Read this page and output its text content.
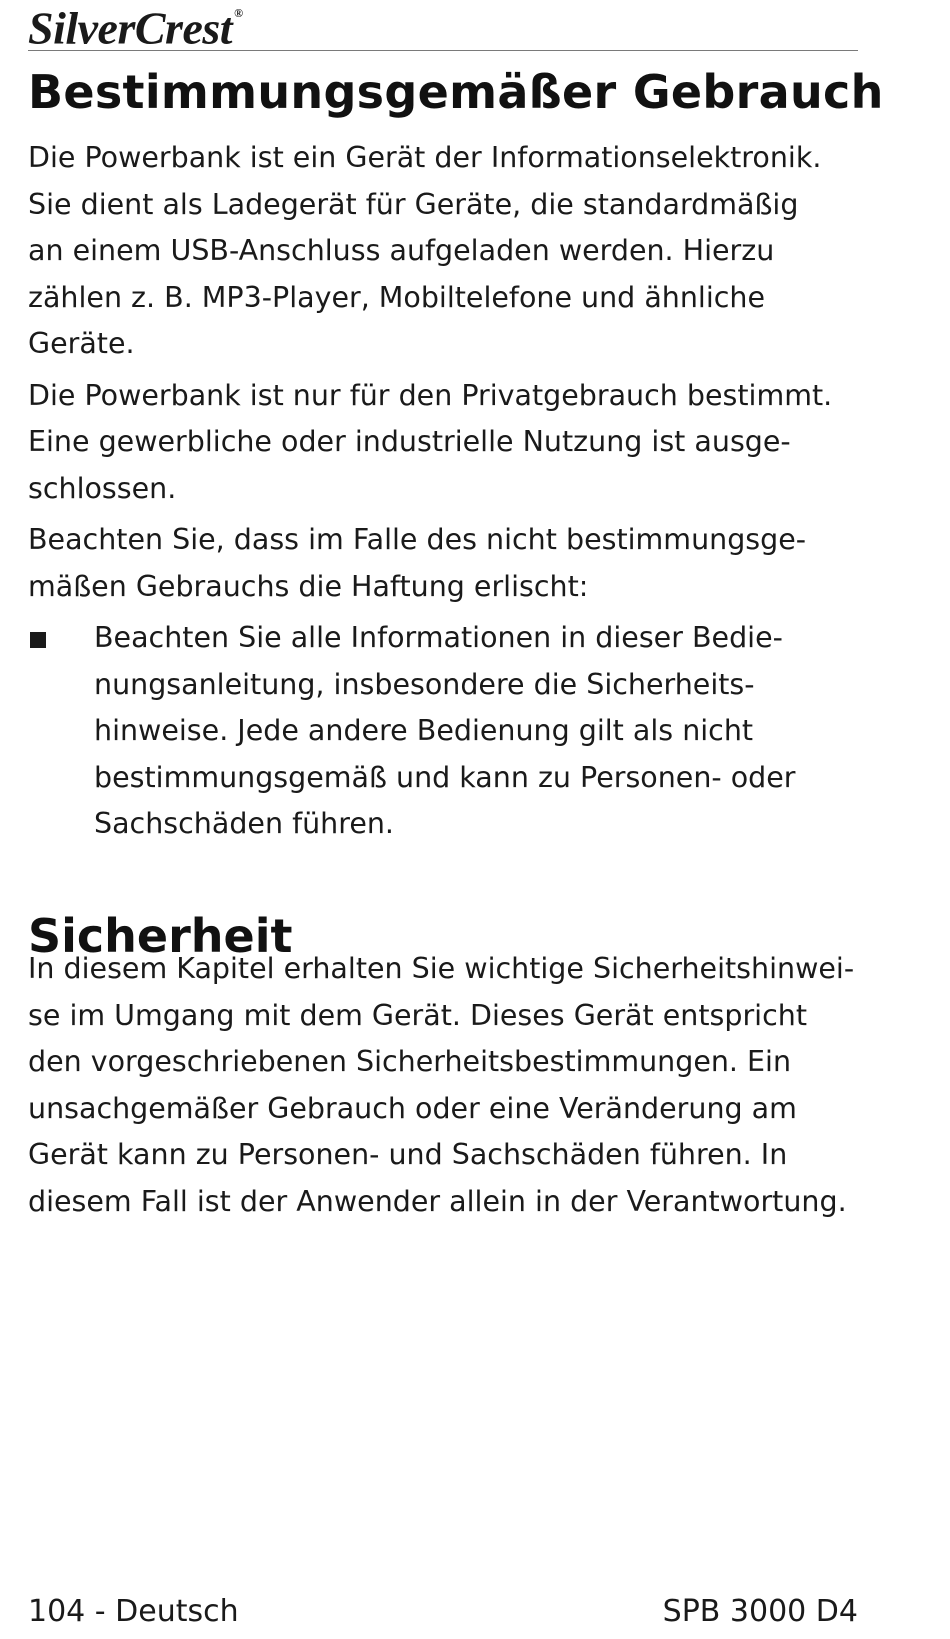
SilverCrest ®
Bestimmungsgemäßer Gebrauch

Die Powerbank ist ein Gerät der Informationselektronik.
Sie dient als Ladegerät für Geräte, die standardmäßig
an einem USB-Anschluss aufgeladen werden. Hierzu
zählen z. B. MP3-Player, Mobiltelefone und ähnliche
Geräte.

Die Powerbank ist nur für den Privatgebrauch bestimmt.
Eine gewerbliche oder industrielle Nutzung ist ausge-
schlossen.

Beachten Sie, dass im Falle des nicht bestimmungsge-
mäßen Gebrauchs die Haftung erlischt:

Beachten Sie alle Informationen in dieser Bedie-
nungsanleitung, insbesondere die Sicherheits-
hinweise. Jede andere Bedienung gilt als nicht
bestimmungsgemäß und kann zu Personen- oder
Sachschäden führen.
Sicherheit

In diesem Kapitel erhalten Sie wichtige Sicherheitshinwei-
se im Umgang mit dem Gerät. Dieses Gerät entspricht
den vorgeschriebenen Sicherheitsbestimmungen. Ein
unsachgemäßer Gebrauch oder eine Veränderung am
Gerät kann zu Personen- und Sachschäden führen. In
diesem Fall ist der Anwender allein in der Verantwortung.

104 - Deutsch	SPB 3000 D4
